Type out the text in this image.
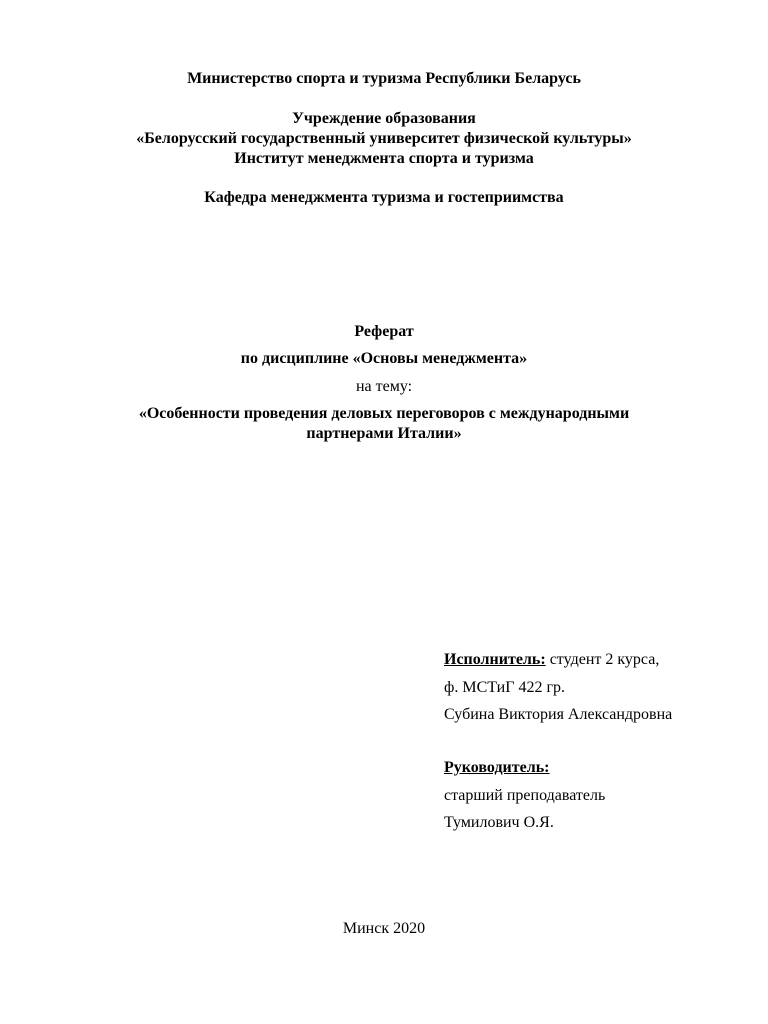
Министерство спорта и туризма Республики Беларусь
Учреждение образования
«Белорусский государственный университет физической культуры»
Институт менеджмента спорта и туризма
Кафедра менеджмента туризма и гостеприимства
Реферат
по дисциплине «Основы менеджмента»
на тему:
«Особенности проведения деловых переговоров с международными
партнерами Италии»
Исполнитель: студент 2 курса,
ф. МСТиГ 422 гр.
Субина Виктория Александровна
Руководитель:
старший преподаватель
Тумилович О.Я.
Минск 2020
